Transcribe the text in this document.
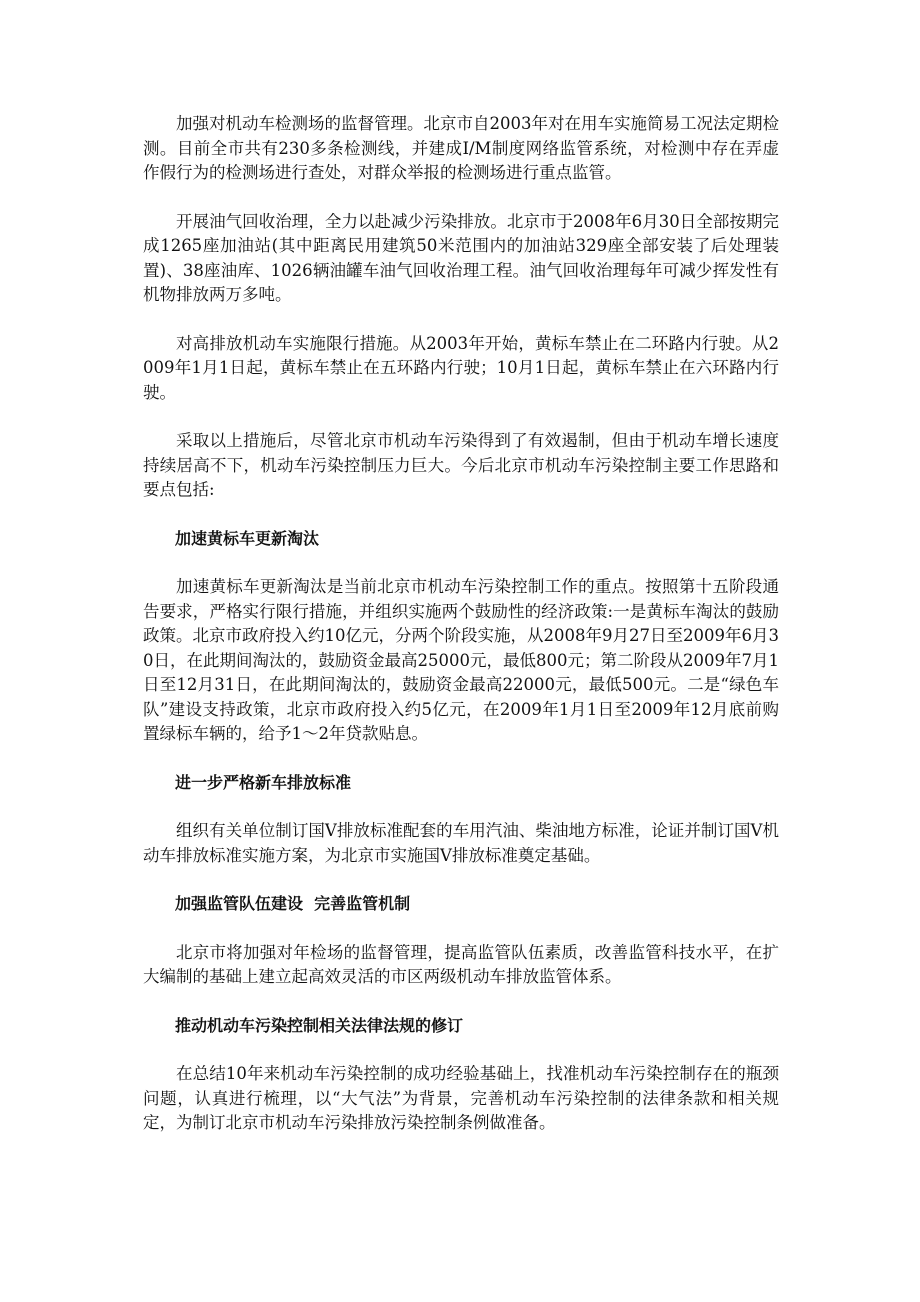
加强对机动车检测场的监督管理。北京市自2003年对在用车实施简易工况法定期检测。目前全市共有230多条检测线，并建成I/M制度网络监管系统，对检测中存在弄虚作假行为的检测场进行查处，对群众举报的检测场进行重点监管。

开展油气回收治理，全力以赴减少污染排放。北京市于2008年6月30日全部按期完成1265座加油站(其中距离民用建筑50米范围内的加油站329座全部安装了后处理装置)、38座油库、1026辆油罐车油气回收治理工程。油气回收治理每年可减少挥发性有机物排放两万多吨。

对高排放机动车实施限行措施。从2003年开始，黄标车禁止在二环路内行驶。从2009年1月1日起，黄标车禁止在五环路内行驶；10月1日起，黄标车禁止在六环路内行驶。

采取以上措施后，尽管北京市机动车污染得到了有效遏制，但由于机动车增长速度持续居高不下，机动车污染控制压力巨大。今后北京市机动车污染控制主要工作思路和要点包括:

加速黄标车更新淘汰

加速黄标车更新淘汰是当前北京市机动车污染控制工作的重点。按照第十五阶段通告要求，严格实行限行措施，并组织实施两个鼓励性的经济政策:一是黄标车淘汰的鼓励政策。北京市政府投入约10亿元，分两个阶段实施，从2008年9月27日至2009年6月30日，在此期间淘汰的，鼓励资金最高25000元，最低800元；第二阶段从2009年7月1日至12月31日，在此期间淘汰的，鼓励资金最高22000元，最低500元。二是“绿色车队”建设支持政策，北京市政府投入约5亿元，在2009年1月1日至2009年12月底前购置绿标车辆的，给予1～2年贷款贴息。

进一步严格新车排放标准

组织有关单位制订国Ⅴ排放标准配套的车用汽油、柴油地方标准，论证并制订国Ⅴ机动车排放标准实施方案，为北京市实施国Ⅴ排放标准奠定基础。

加强监管队伍建设  完善监管机制

北京市将加强对年检场的监督管理，提高监管队伍素质，改善监管科技水平，在扩大编制的基础上建立起高效灵活的市区两级机动车排放监管体系。

推动机动车污染控制相关法律法规的修订

在总结10年来机动车污染控制的成功经验基础上，找准机动车污染控制存在的瓶颈问题，认真进行梳理，以“大气法”为背景，完善机动车污染控制的法律条款和相关规定，为制订北京市机动车污染排放污染控制条例做准备。
